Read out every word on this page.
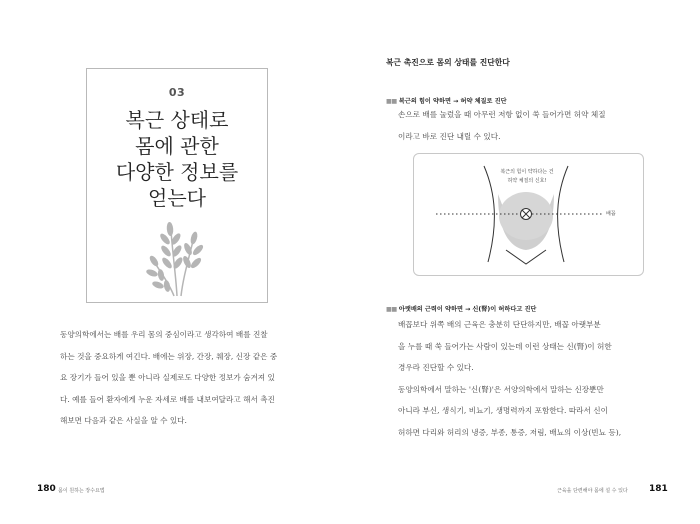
03
복근 상태로
몸에 관한
다양한 정보를
얻는다
동양의학에서는 배를 우리 몸의 중심이라고 생각하여 배를 진찰
하는 것을 중요하게 여긴다. 배에는 위장, 간장, 췌장, 신장 같은 중
요 장기가 들어 있을 뿐 아니라 실제로도 다양한 정보가 숨겨져 있
다. 예를 들어 환자에게 누운 자세로 배를 내보여달라고 해서 촉진
해보면 다음과 같은 사실을 알 수 있다.
180 몸이 원하는 장수요법
복근 촉진으로 몸의 상태를 진단한다
■■ 복근의 힘이 약하면 → 허약 체질로 진단
손으로 배를 눌렀을 때 아무런 저항 없이 쑥 들어가면 허약 체질
이라고 바로 진단 내릴 수 있다.
복근의 힘이 약하다는 건
허약 체질의 신호!
배꼽
■■ 아랫배의 근력이 약하면 → 신(腎)이 허하다고 진단
배꼽보다 위쪽 배의 근육은 충분히 단단하지만, 배꼽 아랫부분
을 누를 때 쑥 들어가는 사람이 있는데 이런 상태는 신(腎)이 허한
경우라 진단할 수 있다.
동양의학에서 말하는 '신(腎)'은 서양의학에서 말하는 신장뿐만
아니라 부신, 생식기, 비뇨기, 생명력까지 포함한다. 따라서 신이
허하면 다리와 허리의 냉증, 부종, 통증, 저림, 배뇨의 이상(빈뇨 등),
근육을 단련해야 몸에 설 수 있다 181
